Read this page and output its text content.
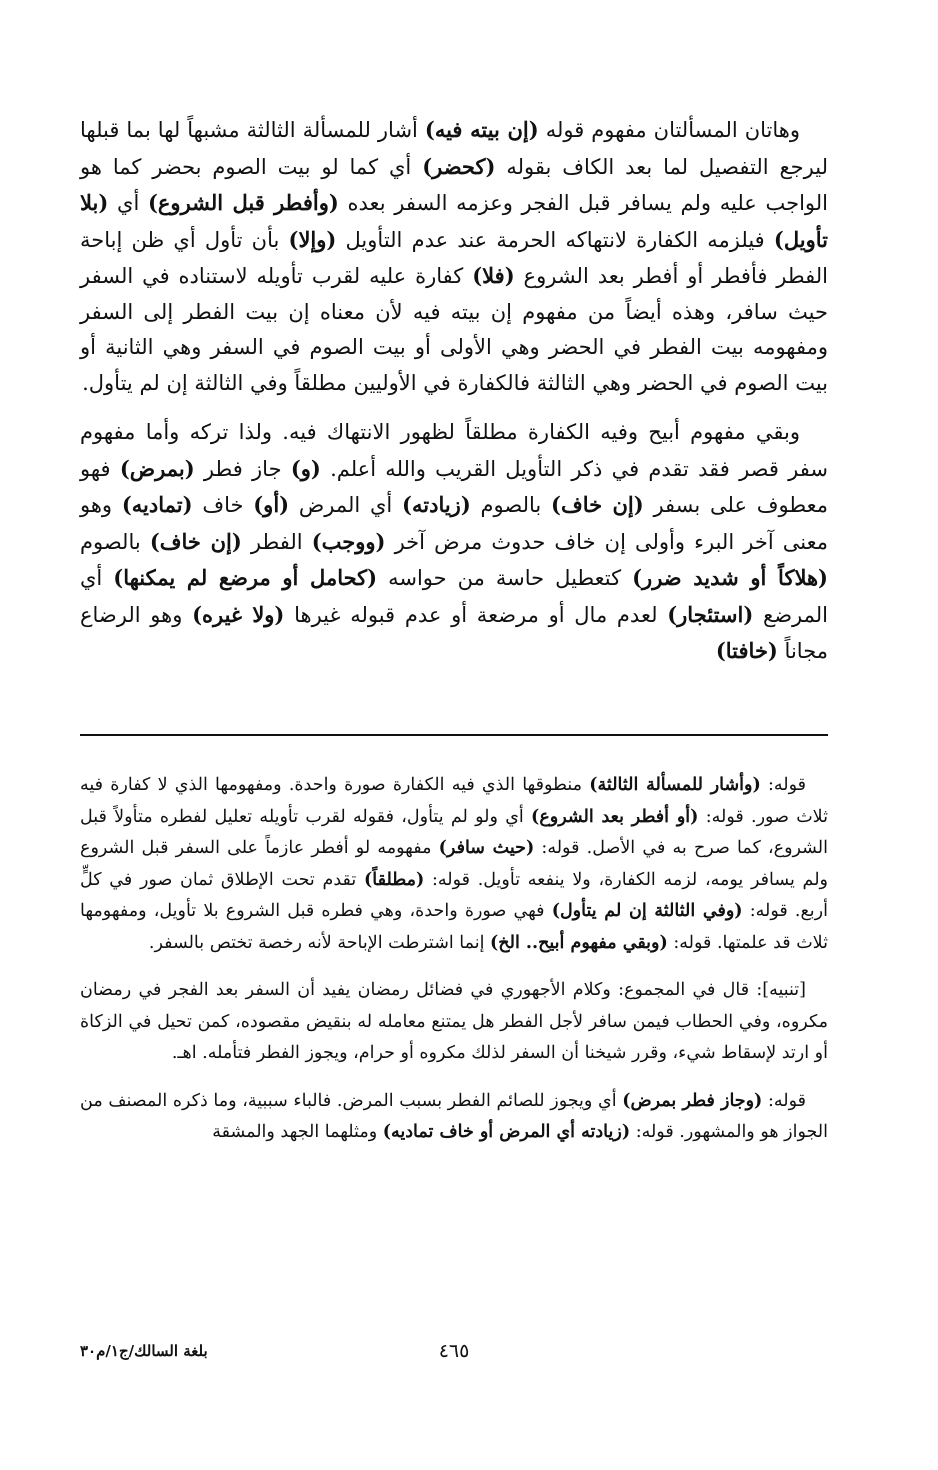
وهاتان المسألتان مفهوم قوله (إن بيته فيه) أشار للمسألة الثالثة مشبهاً لها بما قبلها ليرجع التفصيل لما بعد الكاف بقوله (كحضر) أي كما لو بيت الصوم بحضر كما هو الواجب عليه ولم يسافر قبل الفجر وعزمه السفر بعده (وأفطر قبل الشروع) أي (بلا تأويل) فيلزمه الكفارة لانتهاكه الحرمة عند عدم التأويل (وإلا) بأن تأول أي ظن إباحة الفطر فأفطر أو أفطر بعد الشروع (فلا) كفارة عليه لقرب تأويله لاستناده في السفر حيث سافر، وهذه أيضاً من مفهوم إن بيته فيه لأن معناه إن بيت الفطر إلى السفر ومفهومه بيت الفطر في الحضر وهي الأولى أو بيت الصوم في السفر وهي الثانية أو بيت الصوم في الحضر وهي الثالثة فالكفارة في الأوليين مطلقاً وفي الثالثة إن لم يتأول.

وبقي مفهوم أبيح وفيه الكفارة مطلقاً لظهور الانتهاك فيه. ولذا تركه وأما مفهوم سفر قصر فقد تقدم في ذكر التأويل القريب والله أعلم. (و) جاز فطر (بمرض) فهو معطوف على بسفر (إن خاف) بالصوم (زيادته) أي المرض (أو) خاف (تماديه) وهو معنى آخر البرء وأولى إن خاف حدوث مرض آخر (ووجب) الفطر (إن خاف) بالصوم (هلاكاً أو شديد ضرر) كتعطيل حاسة من حواسه (كحامل أو مرضع لم يمكنها) أي المرضع (استئجار) لعدم مال أو مرضعة أو عدم قبوله غيرها (ولا غيره) وهو الرضاع مجاناً (خافتا)

قوله: (وأشار للمسألة الثالثة) منطوقها الذي فيه الكفارة صورة واحدة. ومفهومها الذي لا كفارة فيه ثلاث صور. قوله: (أو أفطر بعد الشروع) أي ولو لم يتأول، فقوله لقرب تأويله تعليل لفطره متأولاً قبل الشروع، كما صرح به في الأصل. قوله: (حيث سافر) مفهومه لو أفطر عازماً على السفر قبل الشروع ولم يسافر يومه، لزمه الكفارة، ولا ينفعه تأويل. قوله: (مطلقاً) تقدم تحت الإطلاق ثمان صور في كلٍّ أربع. قوله: (وفي الثالثة إن لم يتأول) فهي صورة واحدة، وهي فطره قبل الشروع بلا تأويل، ومفهومها ثلاث قد علمتها. قوله: (وبقي مفهوم أبيح.. الخ) إنما اشترطت الإباحة لأنه رخصة تختص بالسفر.

[تنبيه]: قال في المجموع: وكلام الأجهوري في فضائل رمضان يفيد أن السفر بعد الفجر في رمضان مكروه، وفي الحطاب فيمن سافر لأجل الفطر هل يمتنع معامله له بنقيض مقصوده، كمن تحيل في الزكاة أو ارتد لإسقاط شيء، وقرر شيخنا أن السفر لذلك مكروه أو حرام، ويجوز الفطر فتأمله. اهـ.

قوله: (وجاز فطر بمرض) أي ويجوز للصائم الفطر بسبب المرض. فالباء سببية، وما ذكره المصنف من الجواز هو والمشهور. قوله: (زيادته أي المرض أو خاف تماديه) ومثلهما الجهد والمشقة

٤٦٥
بلغة السالك/ج١/م٣٠
